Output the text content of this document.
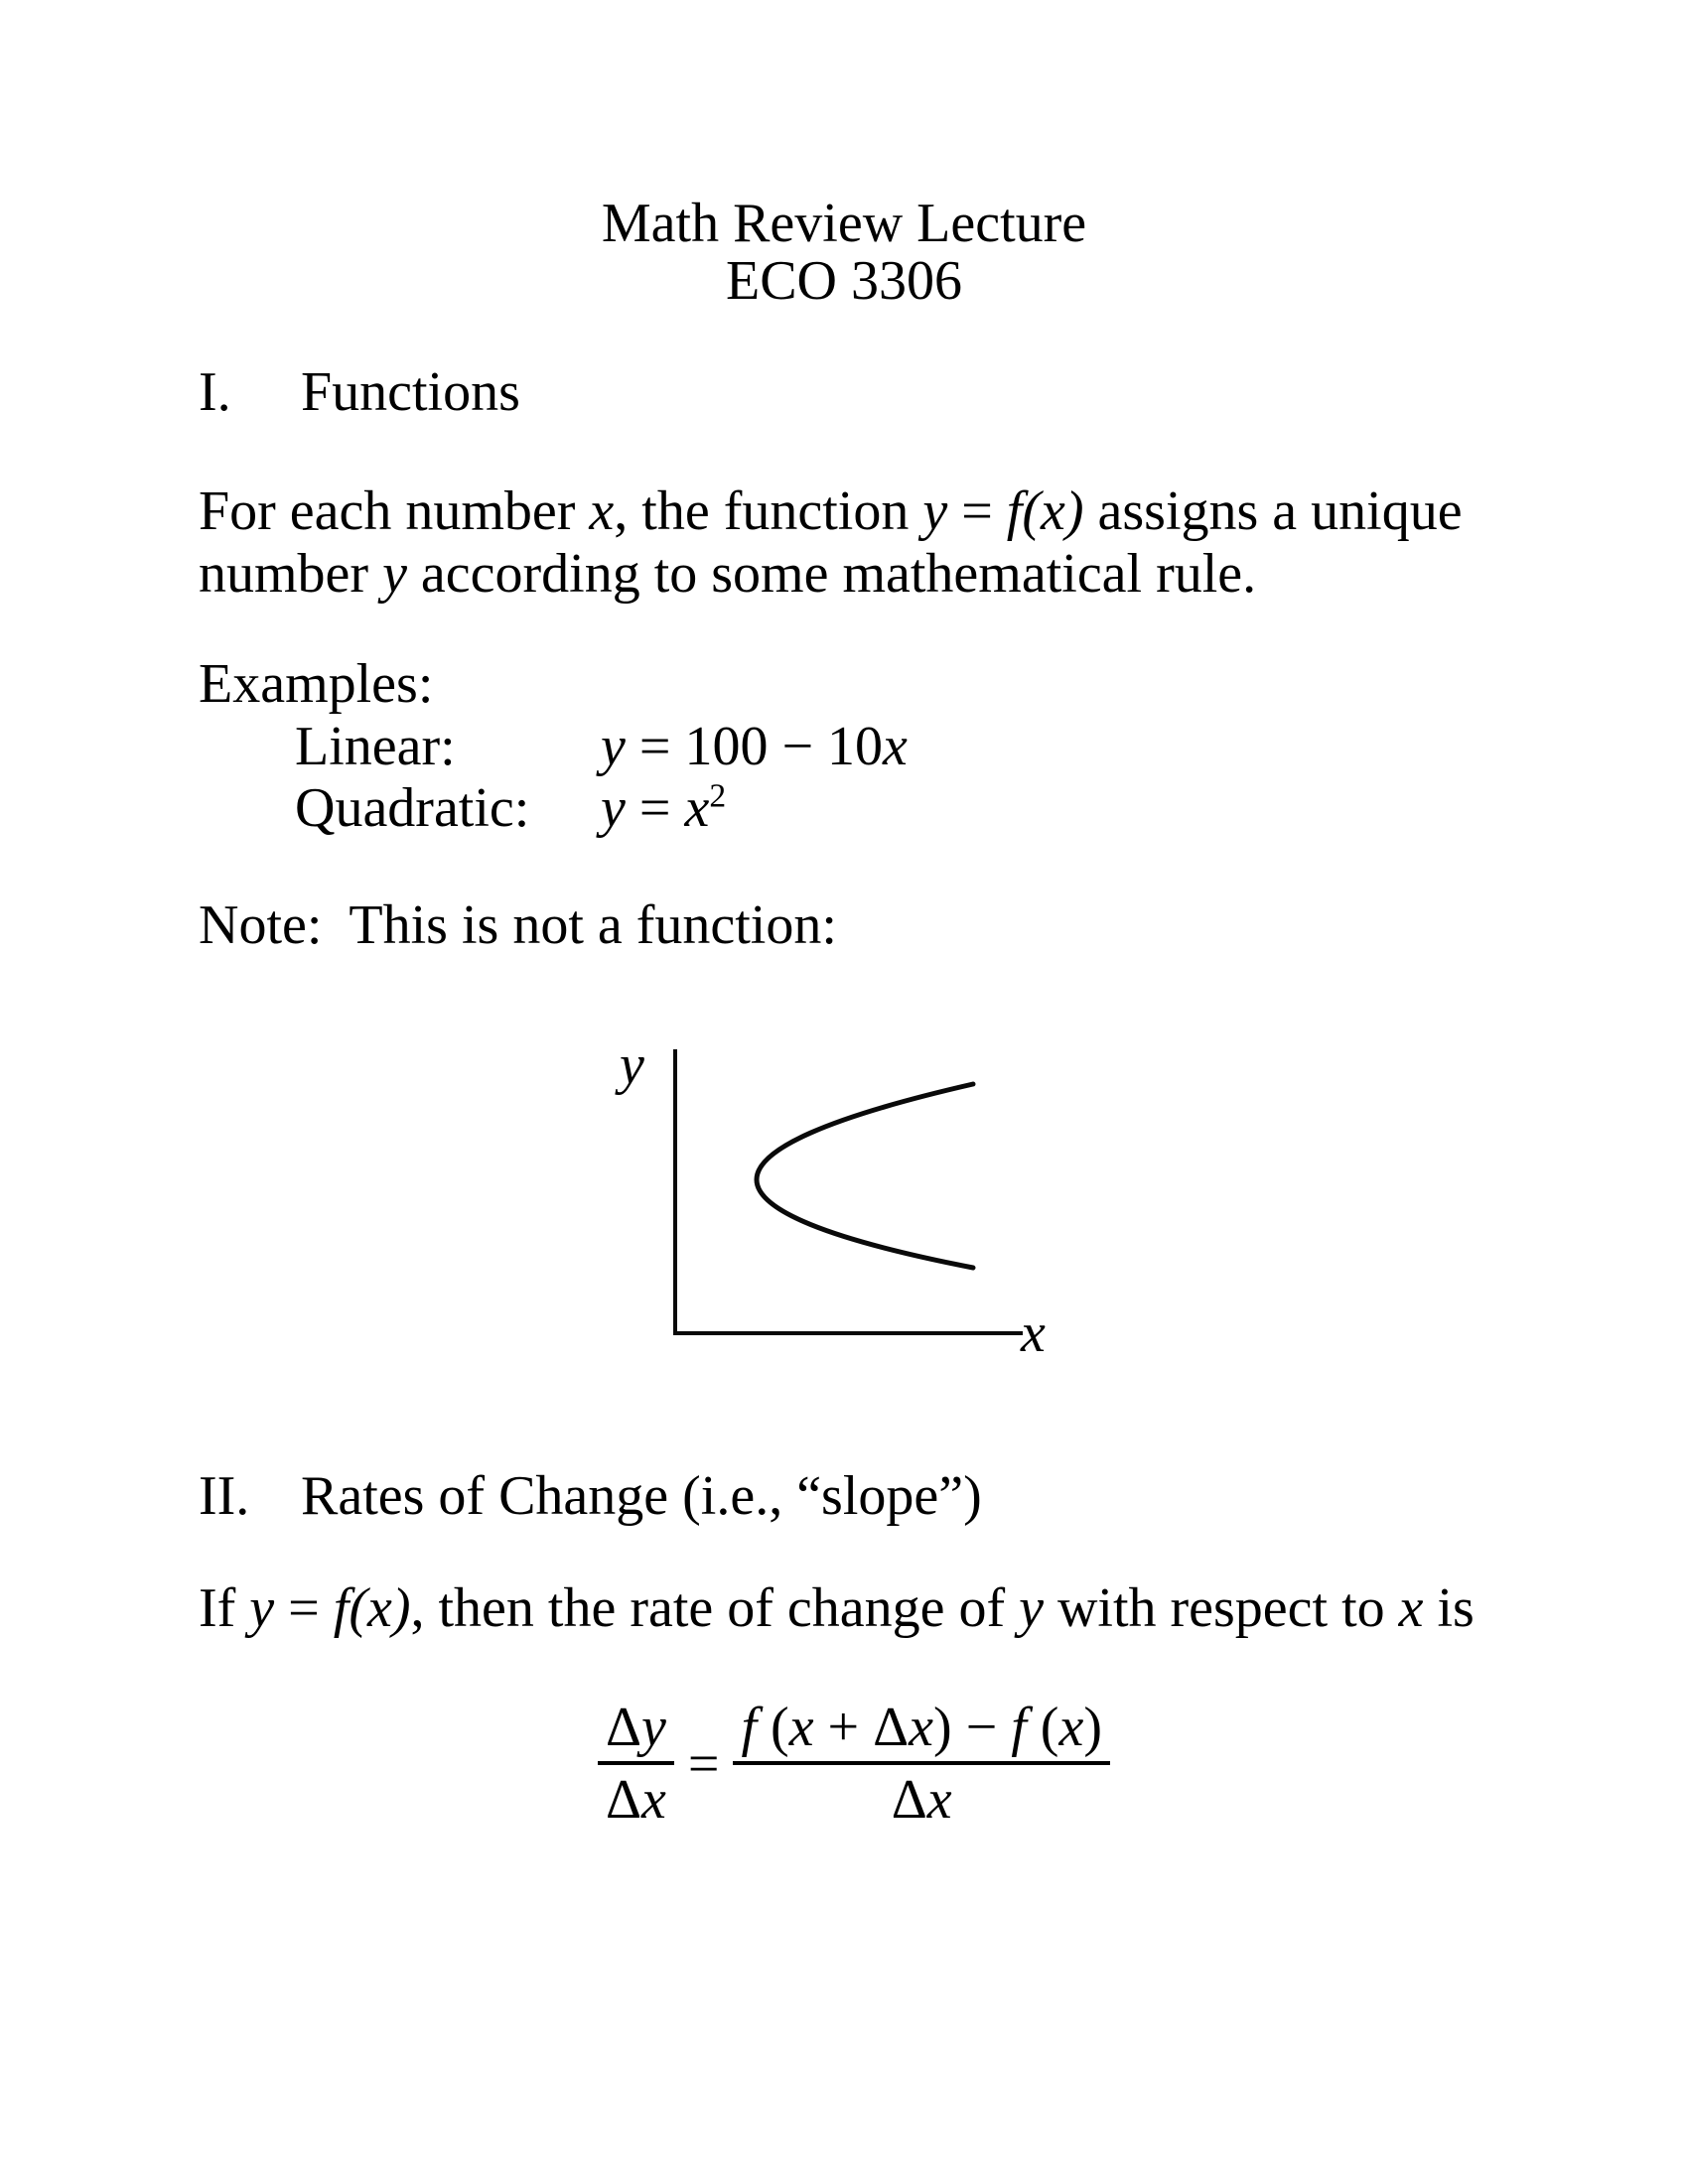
Math Review Lecture
ECO 3306
I. Functions
For each number x, the function y = f(x) assigns a unique
number y according to some mathematical rule.
Examples:
Linear:	y = 100 − 10x
Quadratic: $y = x^2$
Note:  This is not a function:
y
x
II. Rates of Change (i.e., “slope”)
If y = f(x), then the rate of change of y with respect to x is
$\frac{\Delta y}{\Delta x} = \frac{f (x + \Delta x) - f (x)}{\Delta x}$
